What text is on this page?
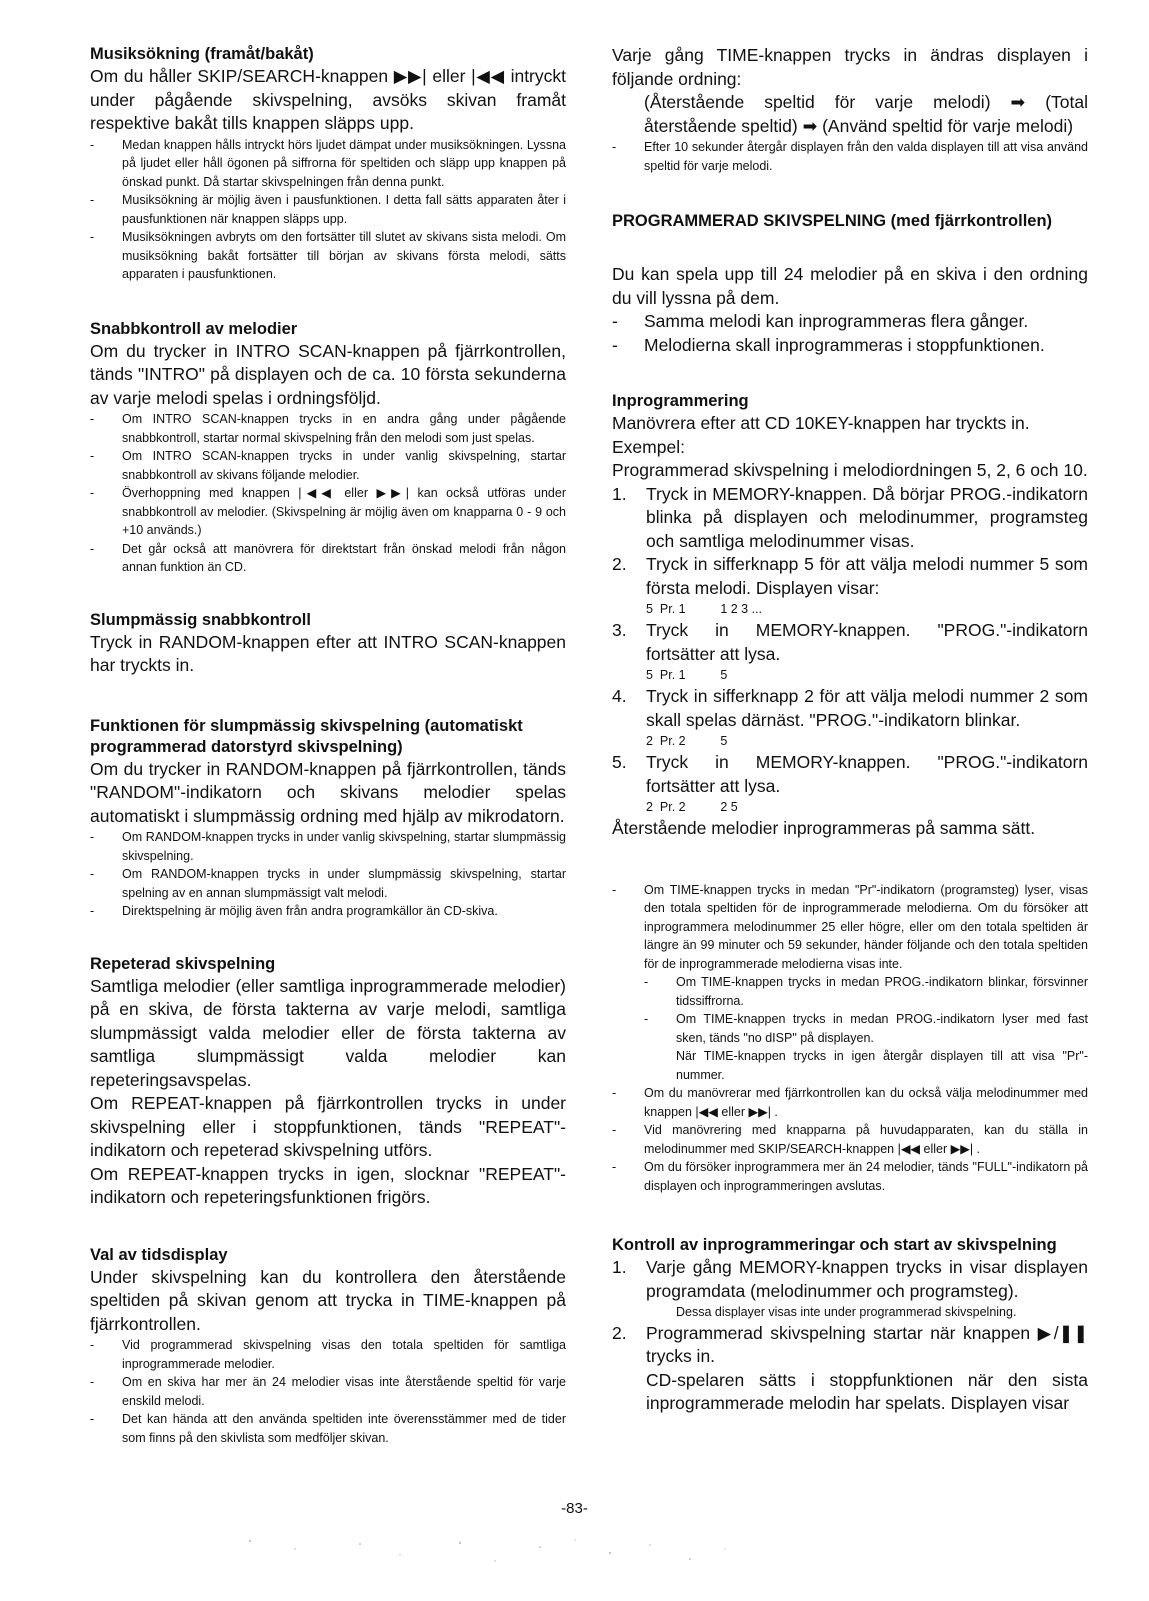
Musiksökning (framåt/bakåt)

Om du håller SKIP/SEARCH-knappen ▶▶| eller |◀◀ intryckt under pågående skivspelning, avsöks skivan framåt respektive bakåt tills knappen släpps upp.

- Medan knappen hålls intryckt hörs ljudet dämpat under musiksökningen. Lyssna på ljudet eller håll ögonen på siffrorna för speltiden och släpp upp knappen på önskad punkt. Då startar skivspelningen från denna punkt.
- Musiksökning är möjlig även i pausfunktionen. I detta fall sätts apparaten åter i pausfunktionen när knappen släpps upp.
- Musiksökningen avbryts om den fortsätter till slutet av skivans sista melodi. Om musiksökning bakåt fortsätter till början av skivans första melodi, sätts apparaten i pausfunktionen.
Snabbkontroll av melodier

Om du trycker in INTRO SCAN-knappen på fjärrkontrollen, tänds "INTRO" på displayen och de ca. 10 första sekunderna av varje melodi spelas i ordningsföljd.

- Om INTRO SCAN-knappen trycks in en andra gång under pågående snabbkontroll, startar normal skivspelning från den melodi som just spelas.
- Om INTRO SCAN-knappen trycks in under vanlig skivspelning, startar snabbkontroll av skivans följande melodier.
- Överhoppning med knappen |◀◀ eller ▶▶| kan också utföras under snabbkontroll av melodier. (Skivspelning är möjlig även om knapparna 0 - 9 och +10 används.)
- Det går också att manövrera för direktstart från önskad melodi från någon annan funktion än CD.
Slumpmässig snabbkontroll

Tryck in RANDOM-knappen efter att INTRO SCAN-knappen har tryckts in.

Funktionen för slumpmässig skivspelning (automatiskt programmerad datorstyrd skivspelning)

Om du trycker in RANDOM-knappen på fjärrkontrollen, tänds "RANDOM"-indikatorn och skivans melodier spelas automatiskt i slumpmässig ordning med hjälp av mikrodatorn.

- Om RANDOM-knappen trycks in under vanlig skivspelning, startar slumpmässig skivspelning.
- Om RANDOM-knappen trycks in under slumpmässig skivspelning, startar spelning av en annan slumpmässigt valt melodi.
- Direktspelning är möjlig även från andra programkällor än CD-skiva.
Repeterad skivspelning

Samtliga melodier (eller samtliga inprogrammerade melodier) på en skiva, de första takterna av varje melodi, samtliga slumpmässigt valda melodier eller de första takterna av samtliga slumpmässigt valda melodier kan repeteringsavspelas.

Om REPEAT-knappen på fjärrkontrollen trycks in under skivspelning eller i stoppfunktionen, tänds "REPEAT"-indikatorn och repeterad skivspelning utförs.

Om REPEAT-knappen trycks in igen, slocknar "REPEAT"-indikatorn och repeteringsfunktionen frigörs.

Val av tidsdisplay

Under skivspelning kan du kontrollera den återstående speltiden på skivan genom att trycka in TIME-knappen på fjärrkontrollen.

- Vid programmerad skivspelning visas den totala speltiden för samtliga inprogrammerade melodier.
- Om en skiva har mer än 24 melodier visas inte återstående speltid för varje enskild melodi.
- Det kan hända att den använda speltiden inte överensstämmer med de tider som finns på den skivlista som medföljer skivan.

Varje gång TIME-knappen trycks in ändras displayen i följande ordning:

(Återstående speltid för varje melodi) ➡ (Total återstående speltid) ➡ (Använd speltid för varje melodi)

- Efter 10 sekunder återgår displayen från den valda displayen till att visa använd speltid för varje melodi.
PROGRAMMERAD SKIVSPELNING (med fjärrkontrollen)

Du kan spela upp till 24 melodier på en skiva i den ordning du vill lyssna på dem.

- Samma melodi kan inprogrammeras flera gånger.
- Melodierna skall inprogrammeras i stoppfunktionen.
Inprogrammering

Manövrera efter att CD 10KEY-knappen har tryckts in.

Exempel:

Programmerad skivspelning i melodiordningen 5, 2, 6 och 10.

1. Tryck in MEMORY-knappen. Då börjar PROG.-indikatorn blinka på displayen och melodinummer, programsteg och samtliga melodinummer visas.
2. Tryck in sifferknapp 5 för att välja melodi nummer 5 som första melodi. Displayen visar:
5  Pr. 1          1 2 3 ...
3. Tryck in MEMORY-knappen. "PROG."-indikatorn fortsätter att lysa.
5  Pr. 1          5
4. Tryck in sifferknapp 2 för att välja melodi nummer 2 som skall spelas därnäst. "PROG."-indikatorn blinkar.
2  Pr. 2          5
5. Tryck in MEMORY-knappen. "PROG."-indikatorn fortsätter att lysa.
2  Pr. 2          2 5

Återstående melodier inprogrammeras på samma sätt.

- Om TIME-knappen trycks in medan "Pr"-indikatorn (programsteg) lyser, visas den totala speltiden för de inprogrammerade melodierna. Om du försöker att inprogrammera melodinummer 25 eller högre, eller om den totala speltiden är längre än 99 minuter och 59 sekunder, händer följande och den totala speltiden för de inprogrammerade melodierna visas inte.
- Om TIME-knappen trycks in medan PROG.-indikatorn blinkar, försvinner tidssiffrorna.
- Om TIME-knappen trycks in medan PROG.-indikatorn lyser med fast sken, tänds "no dISP" på displayen.

När TIME-knappen trycks in igen återgår displayen till att visa "Pr"-nummer.

- Om du manövrerar med fjärrkontrollen kan du också välja melodinummer med knappen |◀◀ eller ▶▶| .
- Vid manövrering med knapparna på huvudapparaten, kan du ställa in melodinummer med SKIP/SEARCH-knappen |◀◀ eller ▶▶| .
- Om du försöker inprogrammera mer än 24 melodier, tänds "FULL"-indikatorn på displayen och inprogrammeringen avslutas.
Kontroll av inprogrammeringar och start av skivspelning
1. Varje gång MEMORY-knappen trycks in visar displayen programdata (melodinummer och programsteg).

Dessa displayer visas inte under programmerad skivspelning.

2. Programmerad skivspelning startar när knappen ▶/❚❚ trycks in.

CD-spelaren sätts i stoppfunktionen när den sista inprogrammerade melodin har spelats. Displayen visar

-83-
